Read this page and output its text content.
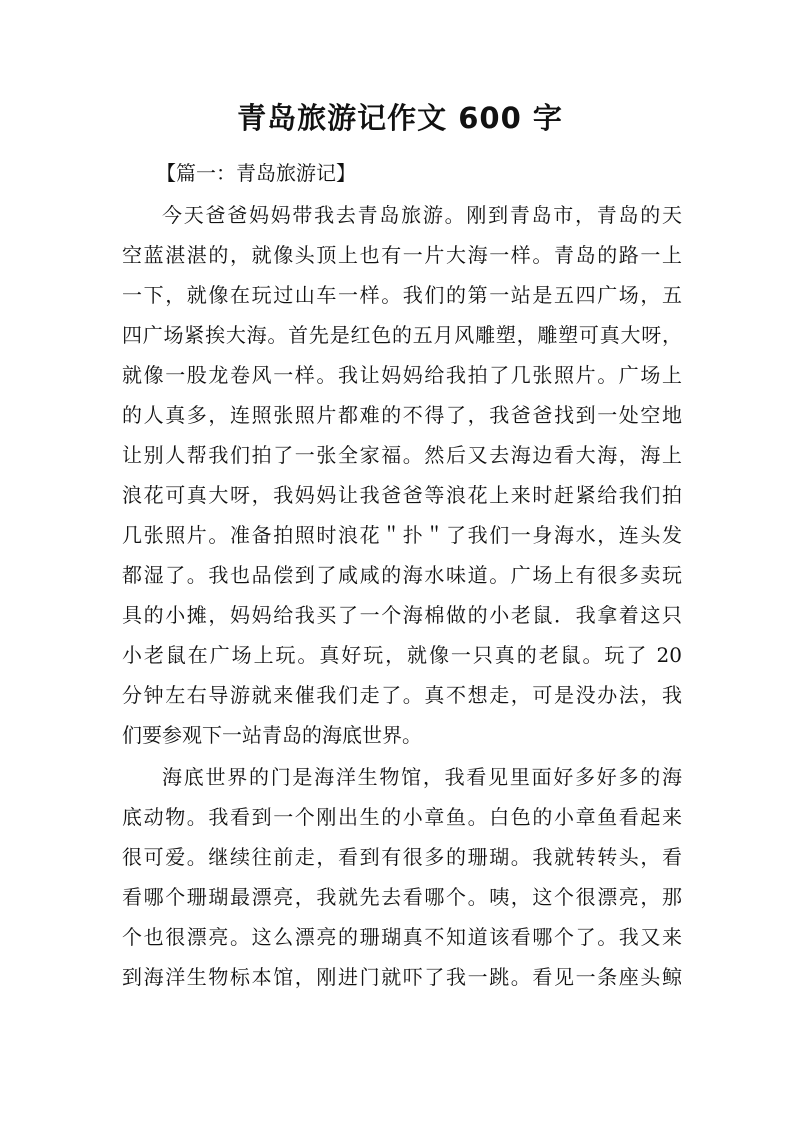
青岛旅游记作文 600 字

【篇一：青岛旅游记】

今天爸爸妈妈带我去青岛旅游。刚到青岛市，青岛的天

空蓝湛湛的，就像头顶上也有一片大海一样。青岛的路一上

一下，就像在玩过山车一样。我们的第一站是五四广场，五

四广场紧挨大海。首先是红色的五月风雕塑，雕塑可真大呀，

就像一股龙卷风一样。我让妈妈给我拍了几张照片。广场上

的人真多，连照张照片都难的不得了，我爸爸找到一处空地

让别人帮我们拍了一张全家福。然后又去海边看大海，海上

浪花可真大呀，我妈妈让我爸爸等浪花上来时赶紧给我们拍

几张照片。准备拍照时浪花＂扑＂了我们一身海水，连头发

都湿了。我也品偿到了咸咸的海水味道。广场上有很多卖玩

具的小摊，妈妈给我买了一个海棉做的小老鼠．我拿着这只

小老鼠在广场上玩。真好玩，就像一只真的老鼠。玩了 20

分钟左右导游就来催我们走了。真不想走，可是没办法，我

们要参观下一站青岛的海底世界。

海底世界的门是海洋生物馆，我看见里面好多好多的海

底动物。我看到一个刚出生的小章鱼。白色的小章鱼看起来

很可爱。继续往前走，看到有很多的珊瑚。我就转转头，看

看哪个珊瑚最漂亮，我就先去看哪个。咦，这个很漂亮，那

个也很漂亮。这么漂亮的珊瑚真不知道该看哪个了。我又来

到海洋生物标本馆，刚进门就吓了我一跳。看见一条座头鲸
